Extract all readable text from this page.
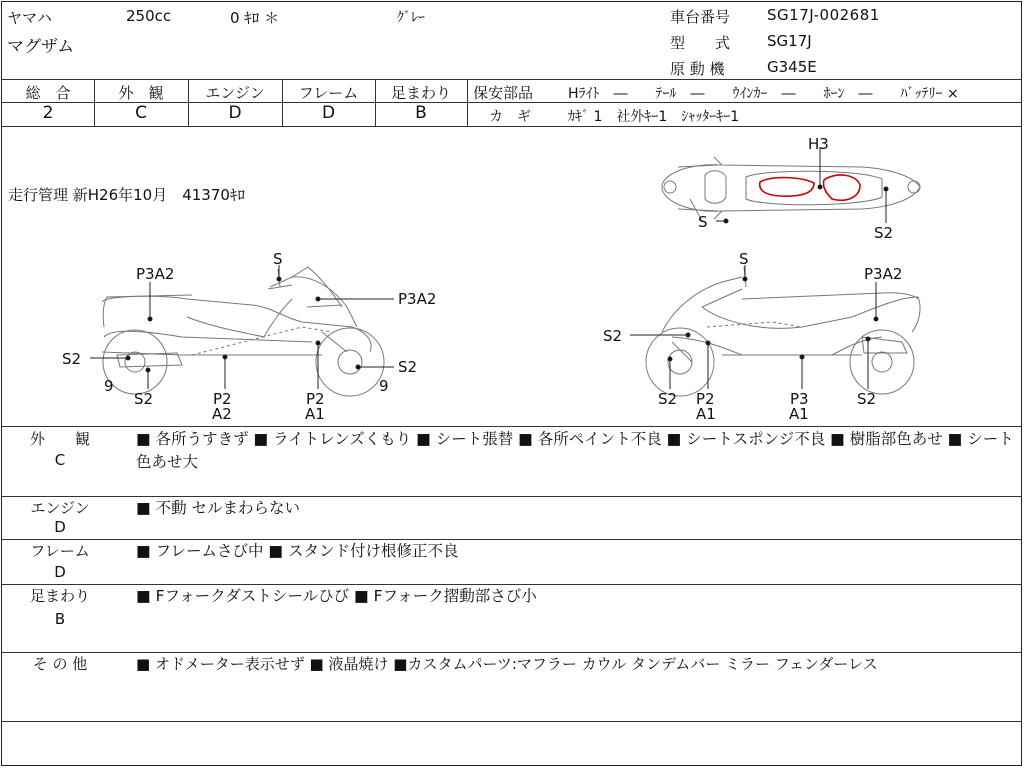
ヤマハ	250cc	0 ｷﾛ ＊	ｸﾞﾚｰ
マグザム
車台番号 SG17J-002681
型　　式 SG17J
原 動 機	G345E
総　合	外　観	エンジン	フレーム	足まわり
2	C	D	D	B
保安部品 Hﾗｲﾄ　―　　ﾃｰﾙ　―　　ｳｲﾝｶｰ　―　　ﾎｰﾝ　―　　ﾊﾞｯﾃﾘｰ ×
カ　ギ	ｶｷﾞ 1　社外ｷｰ1　ｼｬｯﾀｰｷｰ1
走行管理 新H26年10月　41370ｷﾛ
H3
S
S2
S
P3A2
P3A2
S2	S2
9
S2
9
P2
A2
P2
A1
S
P3A2
S2
S2 P2
A1
P3
A1
S2
外　　観
C
■ 各所うすきず ■ ライトレンズくもり ■ シート張替 ■ 各所ペイント不良 ■ シートスポンジ不良 ■ 樹脂部色あせ ■ シート色あせ大
エンジン
D
■ 不動 セルまわらない
フレーム
D
■ フレームさび中 ■ スタンド付け根修正不良
足まわり
B
■ Fフォークダストシールひび ■ Fフォーク摺動部さび小
そ の 他	■ オドメーター表示せず ■ 液晶焼け ■カスタムパーツ:マフラー カウル タンデムバー ミラー フェンダーレス
